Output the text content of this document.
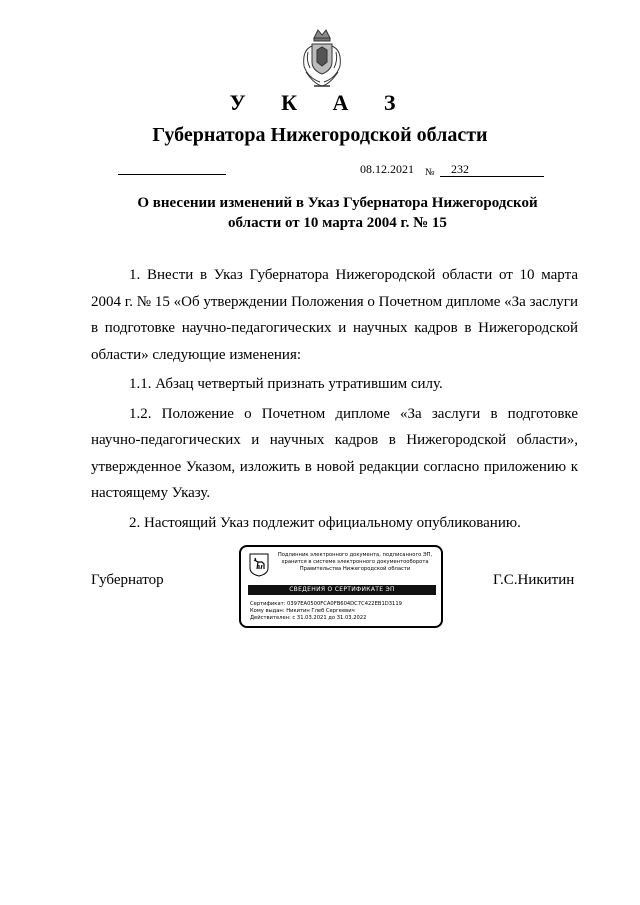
У К А З
Губернатора Нижегородской области
08.12.2021 № 232
О внесении изменений в Указ Губернатора Нижегородской
области от 10 марта 2004 г. № 15

1. Внести в Указ Губернатора Нижегородской области от 10 марта 2004 г. № 15 «Об утверждении Положения о Почетном дипломе «За заслуги в подготовке научно-педагогических и научных кадров в Нижегородской области» следующие изменения:

1.1. Абзац четвертый признать утратившим силу.

1.2. Положение о Почетном дипломе «За заслуги в подготовке научно-педагогических и научных кадров в Нижегородской области», утвержденное Указом, изложить в новой редакции согласно приложению к настоящему Указу.

2. Настоящий Указ подлежит официальному опубликованию.

Губернатор	Г.С.Никитин
Подлинник электронного документа, подписанного ЭП,
хранится в системе электронного документооборота
Правительства Нижегородской области
СВЕДЕНИЯ О СЕРТИФИКАТЕ ЭП
Сертификат: 0397EA0500FCA0FB604DC7C422EB1D3119
Кому выдан: Никитин Глеб Сергеевич
Действителен: с 31.03.2021 до 31.03.2022
